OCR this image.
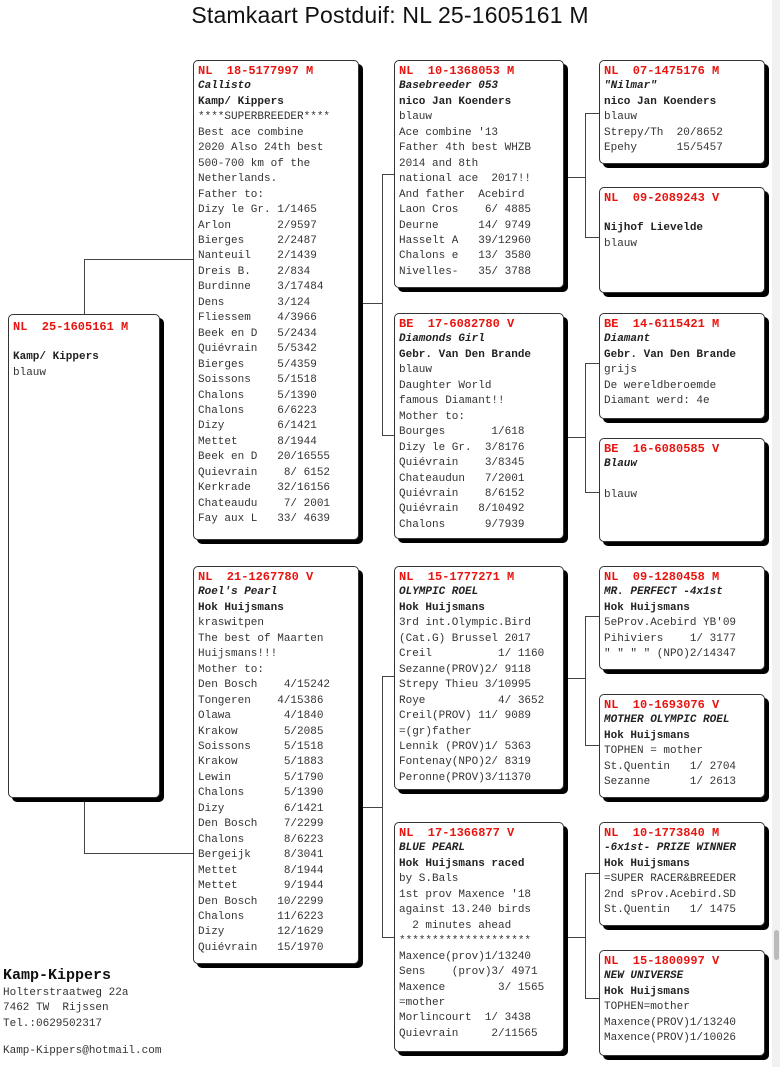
Stamkaart Postduif: NL 25-1605161 M
NL  25-1605161 M
Kamp/ Kippers
blauw
NL  18-5177997 M
Callisto
Kamp/ Kippers
****SUPERBREEDER****
Best ace combine
2020 Also 24th best
500-700 km of the
Netherlands.
Father to:
Dizy le Gr. 1/1465
Arlon       2/9597
Bierges     2/2487
Nanteuil    2/1439
Dreis B.    2/834
Burdinne    3/17484
Dens        3/124
Fliessem    4/3966
Beek en D   5/2434
Quiévrain   5/5342
Bierges     5/4359
Soissons    5/1518
Chalons     5/1390
Chalons     6/6223
Dizy        6/1421
Mettet      8/1944
Beek en D   20/16555
Quievrain    8/ 6152
Kerkrade    32/16156
Chateaudu    7/ 2001
Fay aux L   33/ 4639
NL  21-1267780 V
Roel's Pearl
Hok Huijsmans
kraswitpen
The best of Maarten
Huijsmans!!!
Mother to:
Den Bosch    4/15242
Tongeren    4/15386
Olawa        4/1840
Krakow       5/2085
Soissons     5/1518
Krakow       5/1883
Lewin        5/1790
Chalons      5/1390
Dizy         6/1421
Den Bosch    7/2299
Chalons      8/6223
Bergeijk     8/3041
Mettet       8/1944
Mettet       9/1944
Den Bosch   10/2299
Chalons     11/6223
Dizy        12/1629
Quiévrain   15/1970
NL  10-1368053 M
Basebreeder 053
nico Jan Koenders
blauw
Ace combine '13
Father 4th best WHZB
2014 and 8th
national ace  2017!!
And father  Acebird
Laon Cros    6/ 4885
Deurne      14/ 9749
Hasselt A   39/12960
Chalons e   13/ 3580
Nivelles-   35/ 3788
BE  17-6082780 V
Diamonds Girl
Gebr. Van Den Brande
blauw
Daughter World
famous Diamant!!
Mother to:
Bourges       1/618
Dizy le Gr.  3/8176
Quiévrain    3/8345
Chateaudun   7/2001
Quiévrain    8/6152
Quiévrain   8/10492
Chalons      9/7939
NL  15-1777271 M
OLYMPIC ROEL
Hok Huijsmans
3rd int.Olympic.Bird
(Cat.G) Brussel 2017
Creil          1/ 1160
Sezanne(PROV)2/ 9118
Strepy Thieu 3/10995
Roye           4/ 3652
Creil(PROV) 11/ 9089
=(gr)father
Lennik (PROV)1/ 5363
Fontenay(NPO)2/ 8319
Peronne(PROV)3/11370
NL  17-1366877 V
BLUE PEARL
Hok Huijsmans raced
by S.Bals
1st prov Maxence '18
against 13.240 birds
2 minutes ahead
********************
Maxence(prov)1/13240
Sens    (prov)3/ 4971
Maxence        3/ 1565
=mother
Morlincourt  1/ 3438
Quievrain     2/11565
NL  07-1475176 M
"Nilmar"
nico Jan Koenders
blauw
Strepy/Th  20/8652
Epehy      15/5457
NL  09-2089243 V
Nijhof Lievelde
blauw
BE  14-6115421 M
Diamant
Gebr. Van Den Brande
grijs
De wereldberoemde
Diamant werd: 4e
BE  16-6080585 V
Blauw
blauw
NL  09-1280458 M
MR. PERFECT -4x1st
Hok Huijsmans
5eProv.Acebird YB'09
Pihiviers    1/ 3177
" " " " (NPO)2/14347
NL  10-1693076 V
MOTHER OLYMPIC ROEL
Hok Huijsmans
TOPHEN = mother
St.Quentin   1/ 2704
Sezanne      1/ 2613
NL  10-1773840 M
-6x1st- PRIZE WINNER
Hok Huijsmans
=SUPER RACER&BREEDER
2nd sProv.Acebird.SD
St.Quentin   1/ 1475
NL  15-1800997 V
NEW UNIVERSE
Hok Huijsmans
TOPHEN=mother
Maxence(PROV)1/13240
Maxence(PROV)1/10026
Kamp-Kippers
Holterstraatweg 22a
7462 TW  Rijssen
Tel.:0629502317
Kamp-Kippers@hotmail.com
